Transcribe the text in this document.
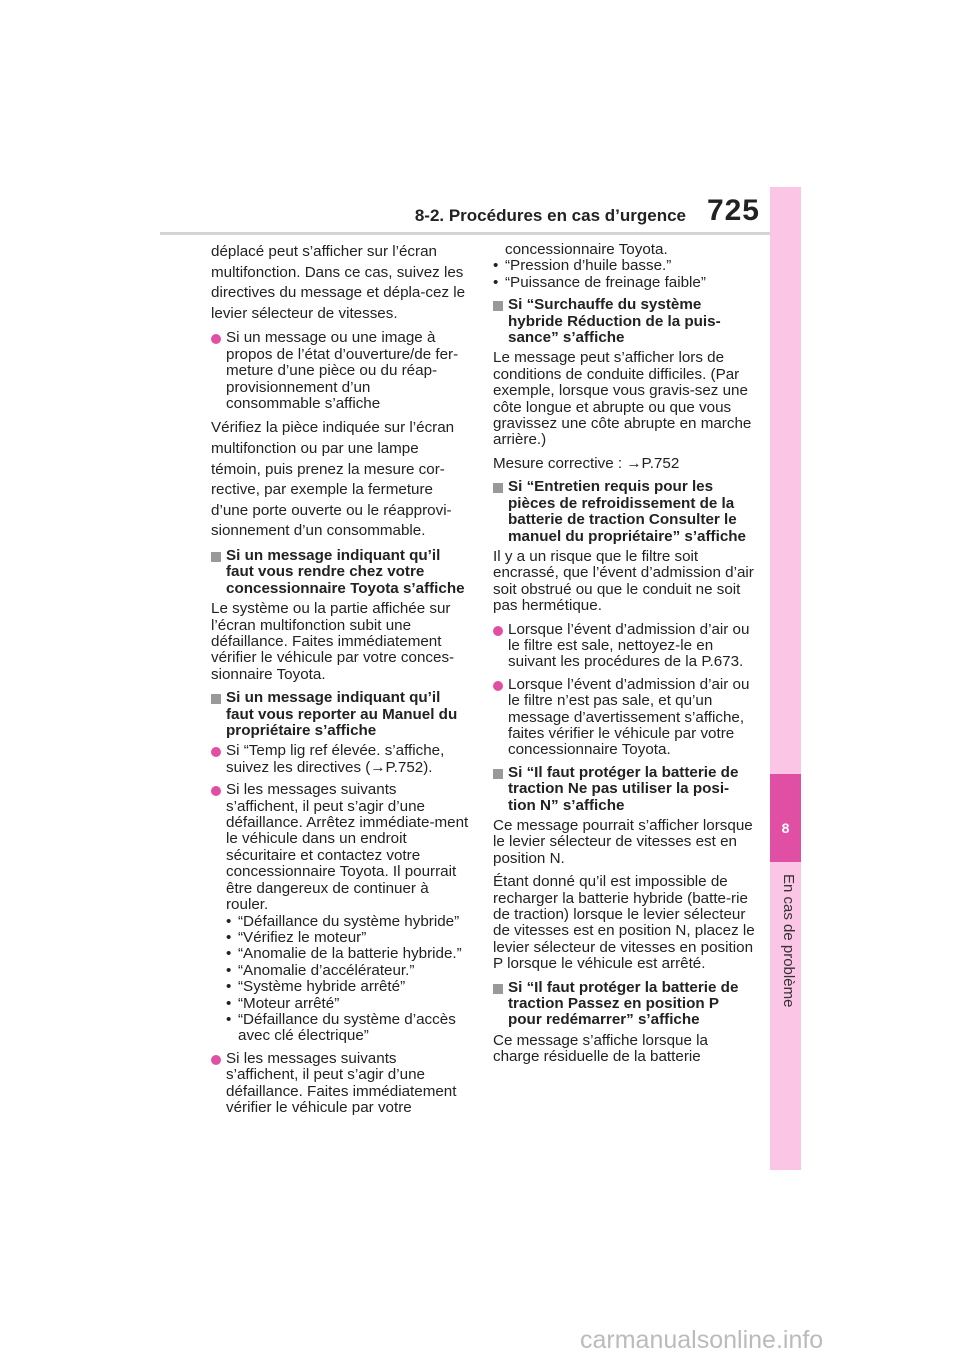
8-2. Procédures en cas d’urgence 725
8
En cas de problème

déplacé peut s’afficher sur l’écran multifonction. Dans ce cas, suivez les directives du message et dépla-cez le levier sélecteur de vitesses.

Si un message ou une image à propos de l’état d’ouverture/de fer-meture d’une pièce ou du réap-provisionnement d’un consommable s’affiche

Vérifiez la pièce indiquée sur l’écran multifonction ou par une lampe témoin, puis prenez la mesure cor-rective, par exemple la fermeture d’une porte ouverte ou le réapprovi-sionnement d’un consommable.

Si un message indiquant qu’il faut vous rendre chez votre concessionnaire Toyota s’affiche

Le système ou la partie affichée sur l’écran multifonction subit une défaillance. Faites immédiatement vérifier le véhicule par votre conces-sionnaire Toyota.

Si un message indiquant qu’il faut vous reporter au Manuel du propriétaire s’affiche
Si “Temp lig ref élevée. s’affiche, suivez les directives (→P.752).
Si les messages suivants s’affichent, il peut s’agir d’une défaillance. Arrêtez immédiate-ment le véhicule dans un endroit sécuritaire et contactez votre concessionnaire Toyota. Il pourrait être dangereux de continuer à rouler.
• “Défaillance du système hybride”
• “Vérifiez le moteur”
• “Anomalie de la batterie hybride.”
• “Anomalie d’accélérateur.”
• “Système hybride arrêté”
• “Moteur arrêté”
• “Défaillance du système d’accès avec clé électrique”
Si les messages suivants s’affichent, il peut s’agir d’une défaillance. Faites immédiatement vérifier le véhicule par votre
concessionnaire Toyota.
• “Pression d’huile basse.”
• “Puissance de freinage faible”
Si “Surchauffe du système hybride Réduction de la puis-sance” s’affiche

Le message peut s’afficher lors de conditions de conduite difficiles. (Par exemple, lorsque vous gravis-sez une côte longue et abrupte ou que vous gravissez une côte abrupte en marche arrière.)

Mesure corrective : →P.752

Si “Entretien requis pour les pièces de refroidissement de la batterie de traction Consulter le manuel du propriétaire” s’affiche

Il y a un risque que le filtre soit encrassé, que l’évent d’admission d’air soit obstrué ou que le conduit ne soit pas hermétique.

Lorsque l’évent d’admission d’air ou le filtre est sale, nettoyez-le en suivant les procédures de la P.673.
Lorsque l’évent d’admission d’air ou le filtre n’est pas sale, et qu’un message d’avertissement s’affiche, faites vérifier le véhicule par votre concessionnaire Toyota.
Si “Il faut protéger la batterie de traction Ne pas utiliser la posi-tion N” s’affiche

Ce message pourrait s’afficher lorsque le levier sélecteur de vitesses est en position N.

Étant donné qu’il est impossible de recharger la batterie hybride (batte-rie de traction) lorsque le levier sélecteur de vitesses est en position N, placez le levier sélecteur de vitesses en position P lorsque le véhicule est arrêté.

Si “Il faut protéger la batterie de traction Passez en position P pour redémarrer” s’affiche

Ce message s’affiche lorsque la charge résiduelle de la batterie

carmanualsonline.info
